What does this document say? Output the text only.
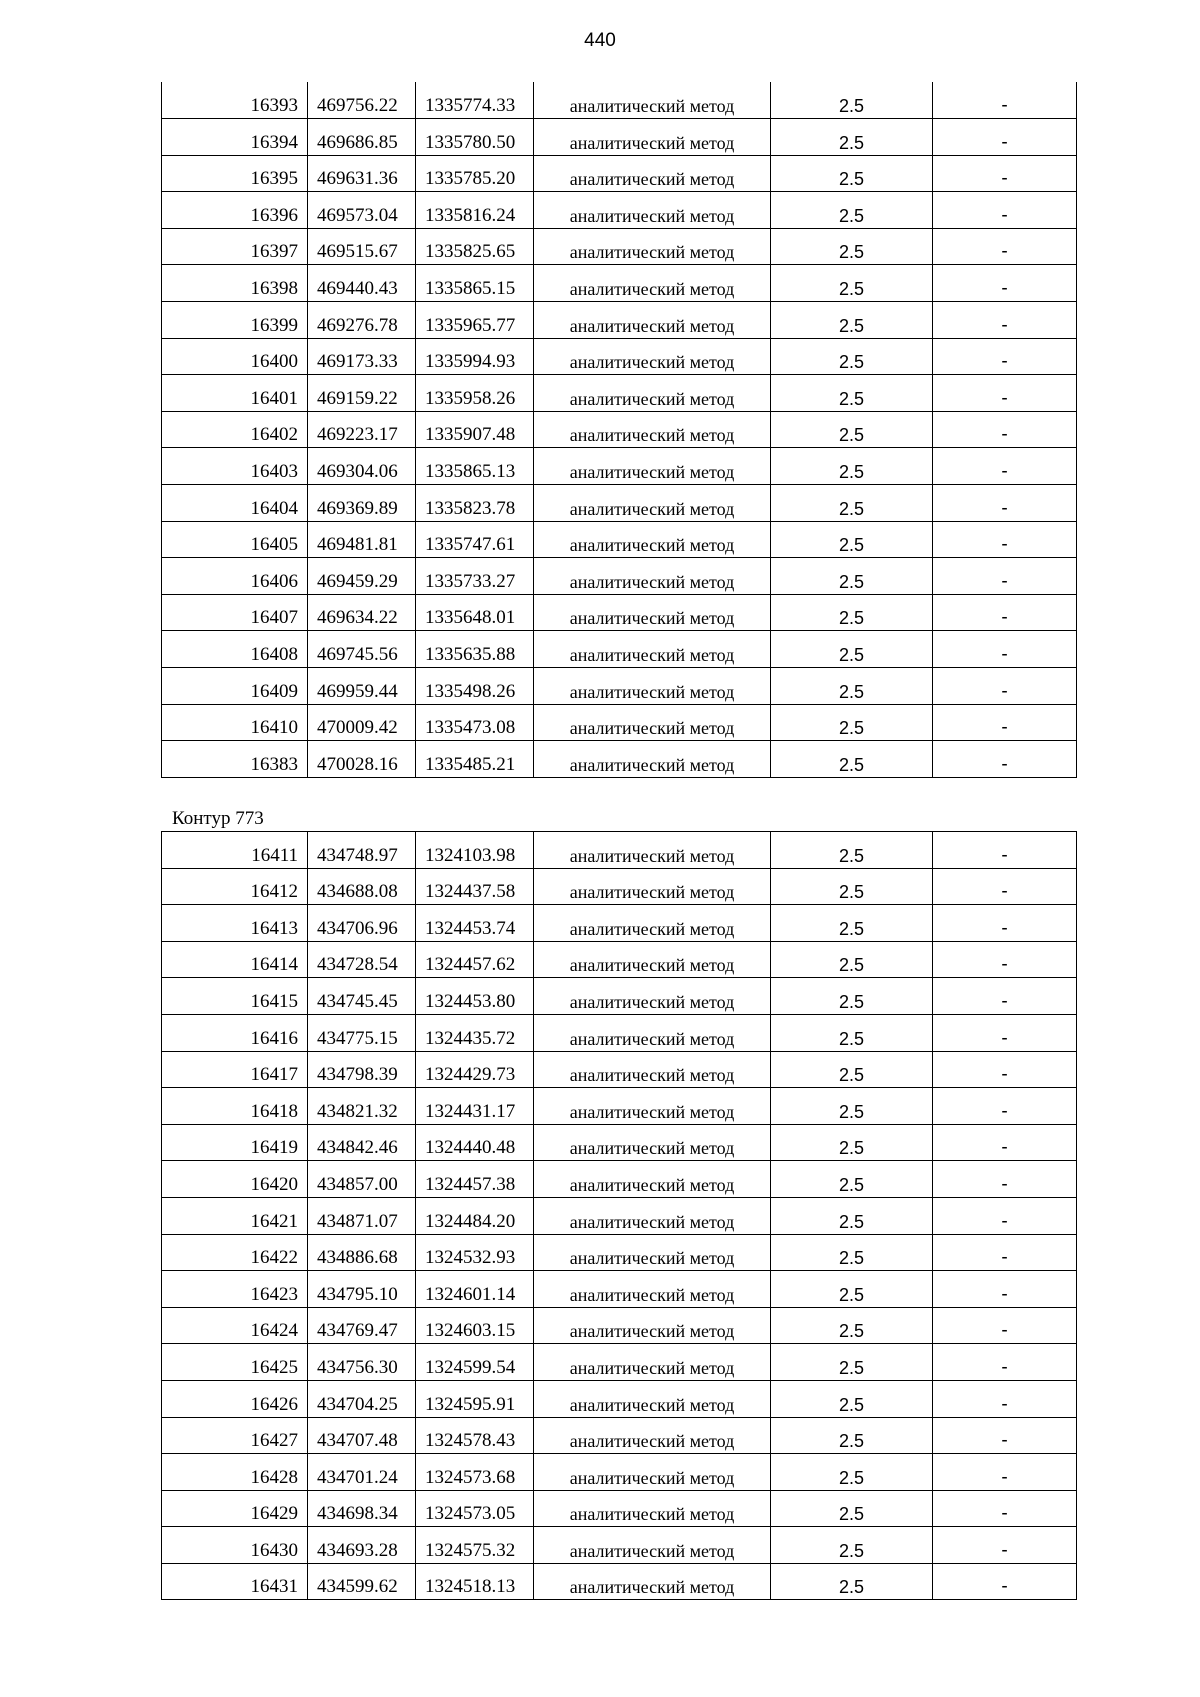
440
16393	469756.22	1335774.33	аналитический метод	2.5	-
16394	469686.85	1335780.50	аналитический метод	2.5	-
16395	469631.36	1335785.20	аналитический метод	2.5	-
16396	469573.04	1335816.24	аналитический метод	2.5	-
16397	469515.67	1335825.65	аналитический метод	2.5	-
16398	469440.43	1335865.15	аналитический метод	2.5	-
16399	469276.78	1335965.77	аналитический метод	2.5	-
16400	469173.33	1335994.93	аналитический метод	2.5	-
16401	469159.22	1335958.26	аналитический метод	2.5	-
16402	469223.17	1335907.48	аналитический метод	2.5	-
16403	469304.06	1335865.13	аналитический метод	2.5	-
16404	469369.89	1335823.78	аналитический метод	2.5	-
16405	469481.81	1335747.61	аналитический метод	2.5	-
16406	469459.29	1335733.27	аналитический метод	2.5	-
16407	469634.22	1335648.01	аналитический метод	2.5	-
16408	469745.56	1335635.88	аналитический метод	2.5	-
16409	469959.44	1335498.26	аналитический метод	2.5	-
16410	470009.42	1335473.08	аналитический метод	2.5	-
16383	470028.16	1335485.21	аналитический метод	2.5	-
Контур 773
16411	434748.97	1324103.98	аналитический метод	2.5	-
16412	434688.08	1324437.58	аналитический метод	2.5	-
16413	434706.96	1324453.74	аналитический метод	2.5	-
16414	434728.54	1324457.62	аналитический метод	2.5	-
16415	434745.45	1324453.80	аналитический метод	2.5	-
16416	434775.15	1324435.72	аналитический метод	2.5	-
16417	434798.39	1324429.73	аналитический метод	2.5	-
16418	434821.32	1324431.17	аналитический метод	2.5	-
16419	434842.46	1324440.48	аналитический метод	2.5	-
16420	434857.00	1324457.38	аналитический метод	2.5	-
16421	434871.07	1324484.20	аналитический метод	2.5	-
16422	434886.68	1324532.93	аналитический метод	2.5	-
16423	434795.10	1324601.14	аналитический метод	2.5	-
16424	434769.47	1324603.15	аналитический метод	2.5	-
16425	434756.30	1324599.54	аналитический метод	2.5	-
16426	434704.25	1324595.91	аналитический метод	2.5	-
16427	434707.48	1324578.43	аналитический метод	2.5	-
16428	434701.24	1324573.68	аналитический метод	2.5	-
16429	434698.34	1324573.05	аналитический метод	2.5	-
16430	434693.28	1324575.32	аналитический метод	2.5	-
16431	434599.62	1324518.13	аналитический метод	2.5	-
